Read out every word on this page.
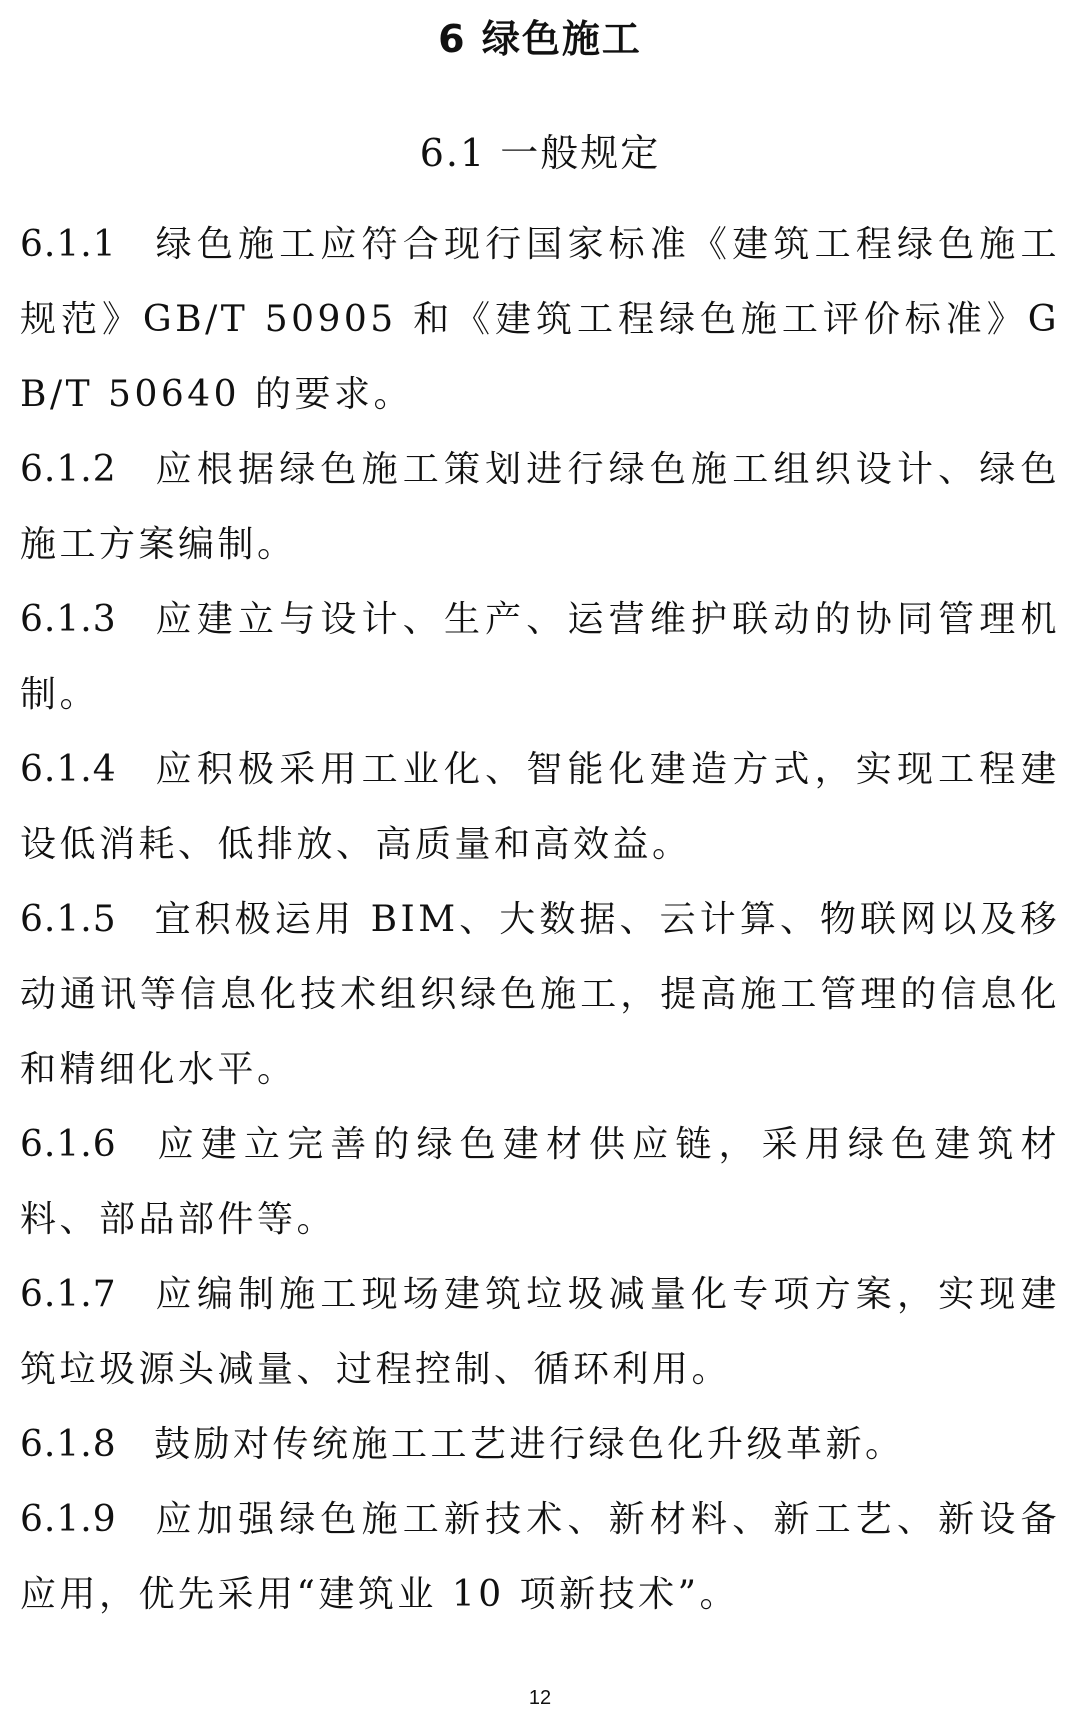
6 绿色施工
6.1 一般规定

6.1.1 绿色施工应符合现行国家标准《建筑工程绿色施工规范》GB/T 50905 和《建筑工程绿色施工评价标准》GB/T 50640 的要求。

6.1.2 应根据绿色施工策划进行绿色施工组织设计、绿色施工方案编制。

6.1.3 应建立与设计、生产、运营维护联动的协同管理机制。

6.1.4 应积极采用工业化、智能化建造方式，实现工程建设低消耗、低排放、高质量和高效益。

6.1.5 宜积极运用 BIM、大数据、云计算、物联网以及移动通讯等信息化技术组织绿色施工，提高施工管理的信息化和精细化水平。

6.1.6 应建立完善的绿色建材供应链，采用绿色建筑材料、部品部件等。

6.1.7 应编制施工现场建筑垃圾减量化专项方案，实现建筑垃圾源头减量、过程控制、循环利用。

6.1.8 鼓励对传统施工工艺进行绿色化升级革新。

6.1.9 应加强绿色施工新技术、新材料、新工艺、新设备应用，优先采用“建筑业 10 项新技术”。

12
